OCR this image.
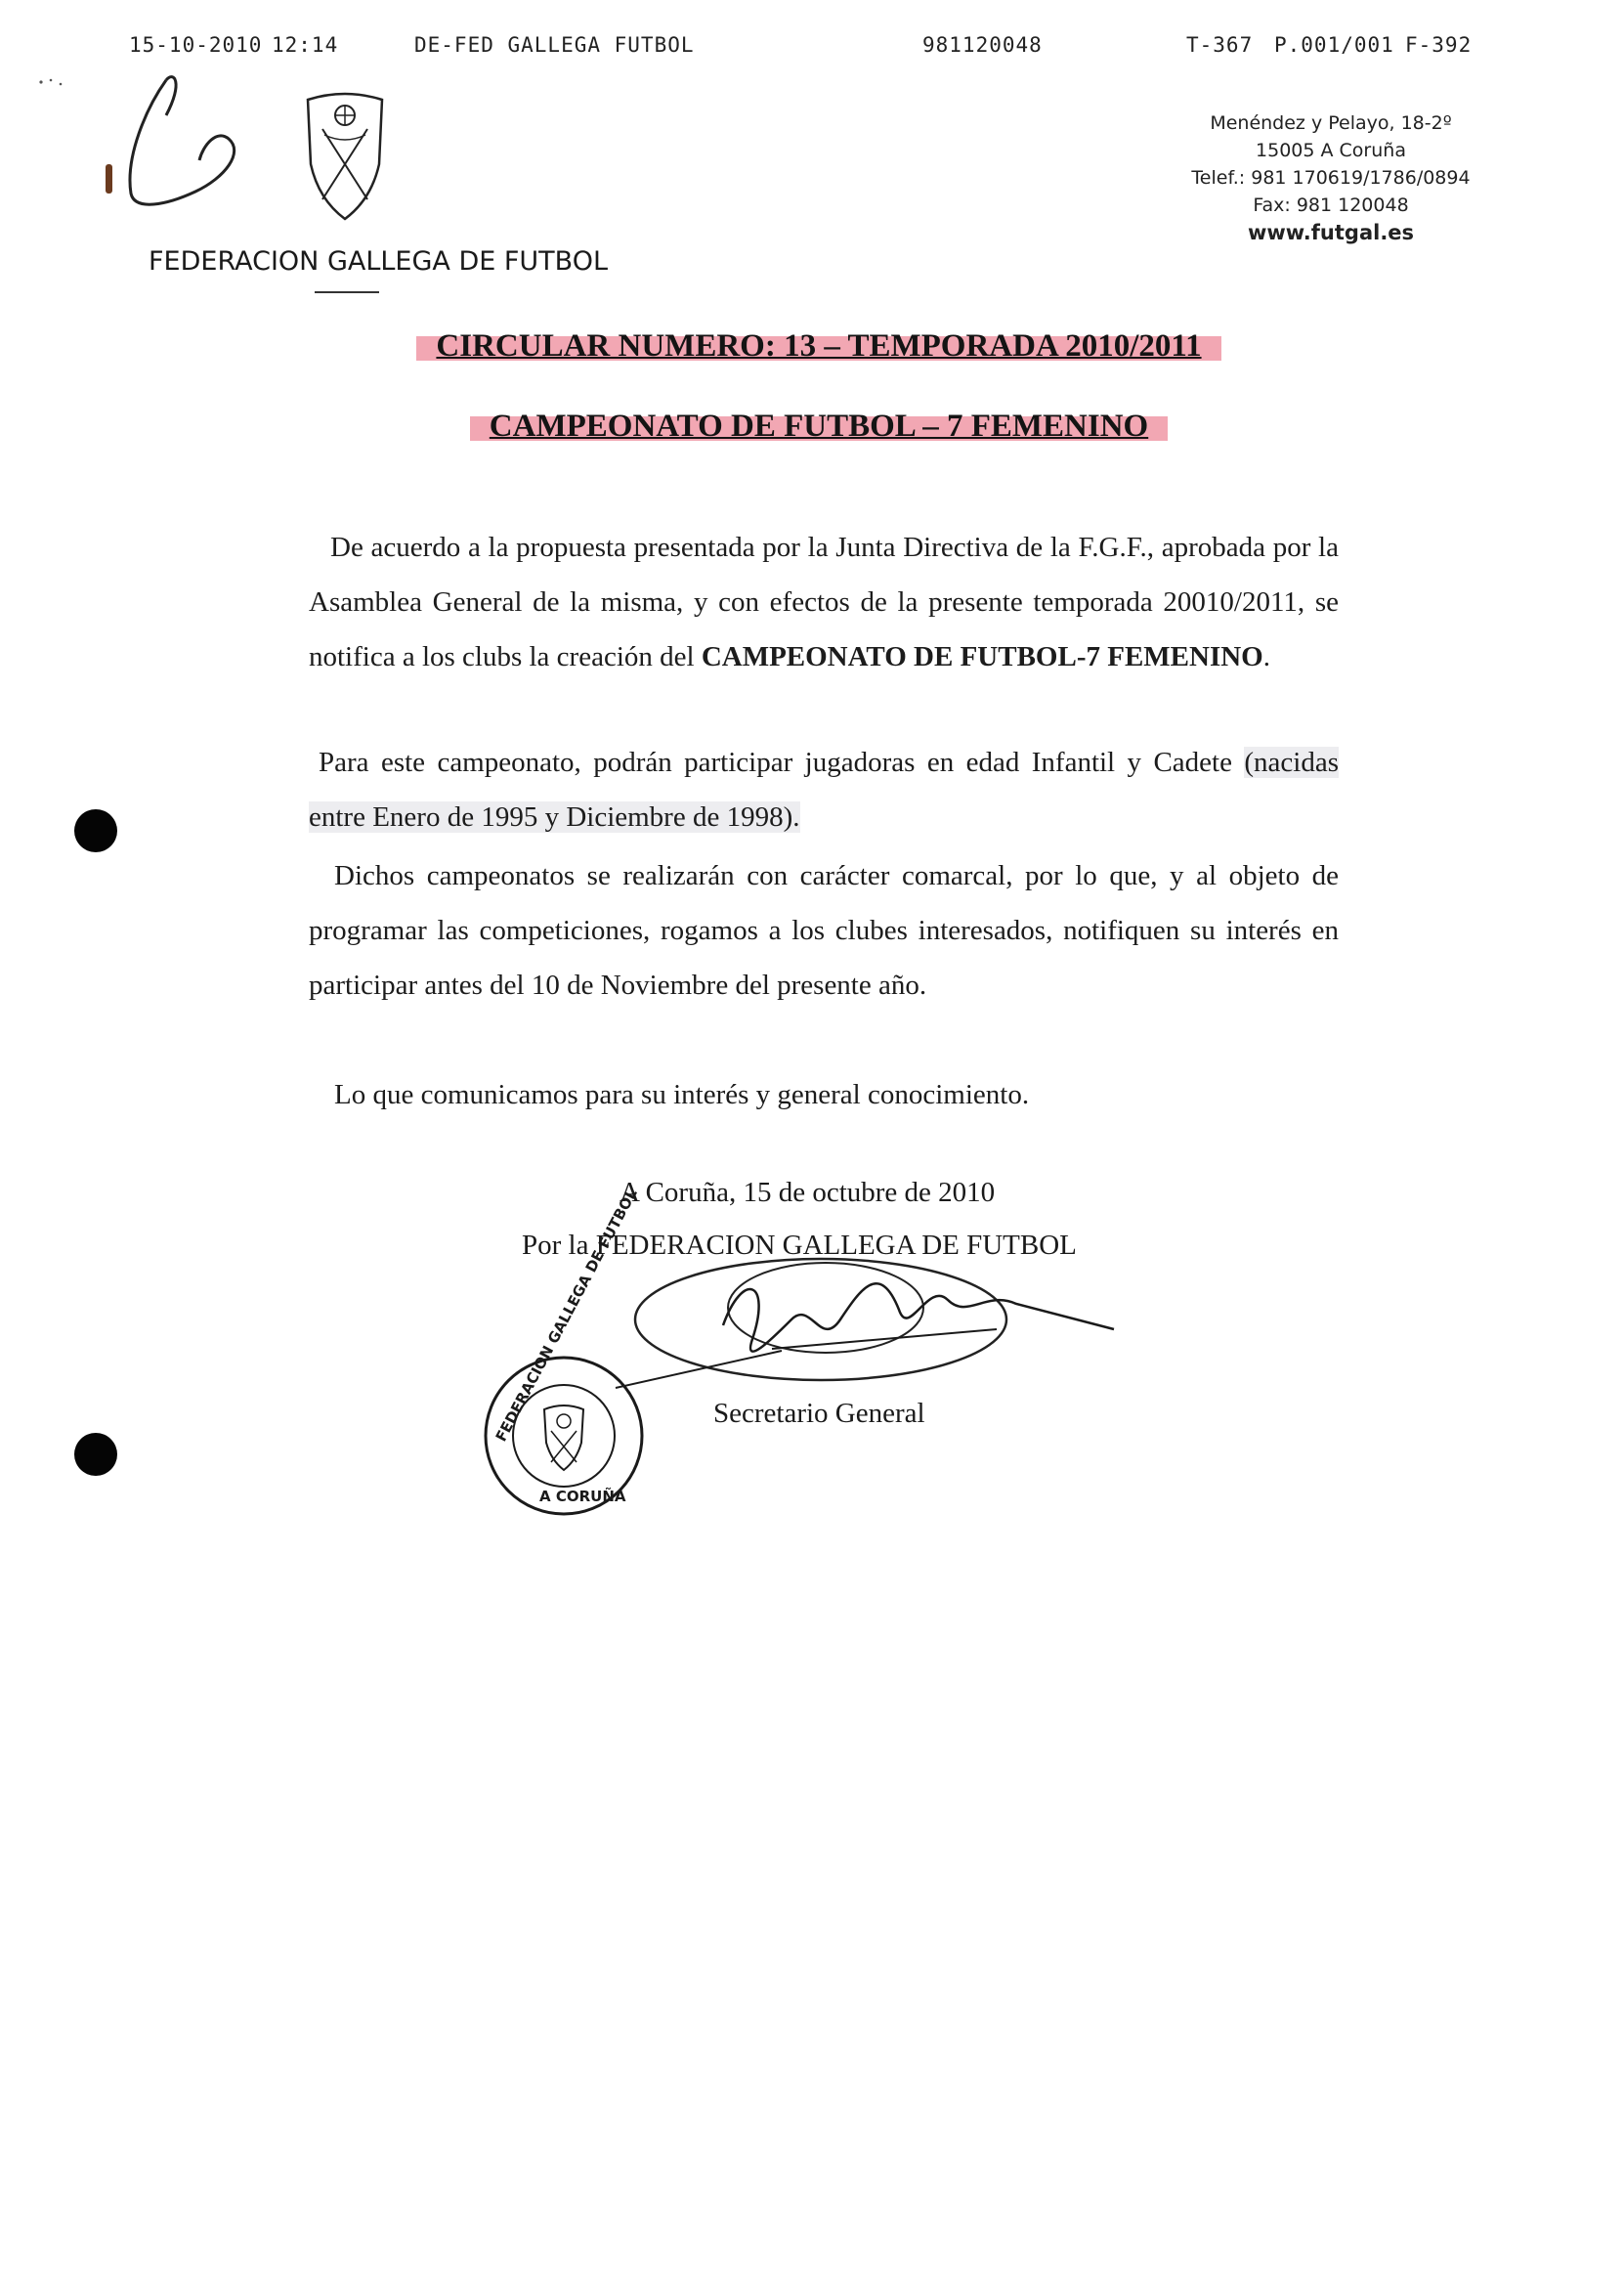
15-10-2010 12:14	DE-FED GALLEGA FUTBOL	981120048	T-367 P.001/001 F-392
FEDERACION GALLEGA DE FUTBOL
Menéndez y Pelayo, 18-2º
15005 A Coruña
Telef.: 981 170619/1786/0894
Fax: 981 120048
www.futgal.es
CIRCULAR NUMERO: 13 – TEMPORADA 2010/2011
CAMPEONATO DE FUTBOL – 7 FEMENINO
De acuerdo a la propuesta presentada por la Junta Directiva de la F.G.F., aprobada por la Asamblea General de la misma, y con efectos de la presente temporada 20010/2011, se notifica a los clubs la creación del CAMPEONATO DE FUTBOL-7 FEMENINO.
Para este campeonato, podrán participar jugadoras en edad Infantil y Cadete (nacidas entre Enero de 1995 y Diciembre de 1998).
Dichos campeonatos se realizarán con carácter comarcal, por lo que, y al objeto de programar las competiciones, rogamos a los clubes interesados, notifiquen su interés en participar antes del 10 de Noviembre del presente año.
Lo que comunicamos para su interés y general conocimiento.
A Coruña, 15 de octubre de 2010
Por la FEDERACION GALLEGA DE FUTBOL
Secretario General
FEDERACION GALLEGA DE FUTBOL
A CORUÑA
